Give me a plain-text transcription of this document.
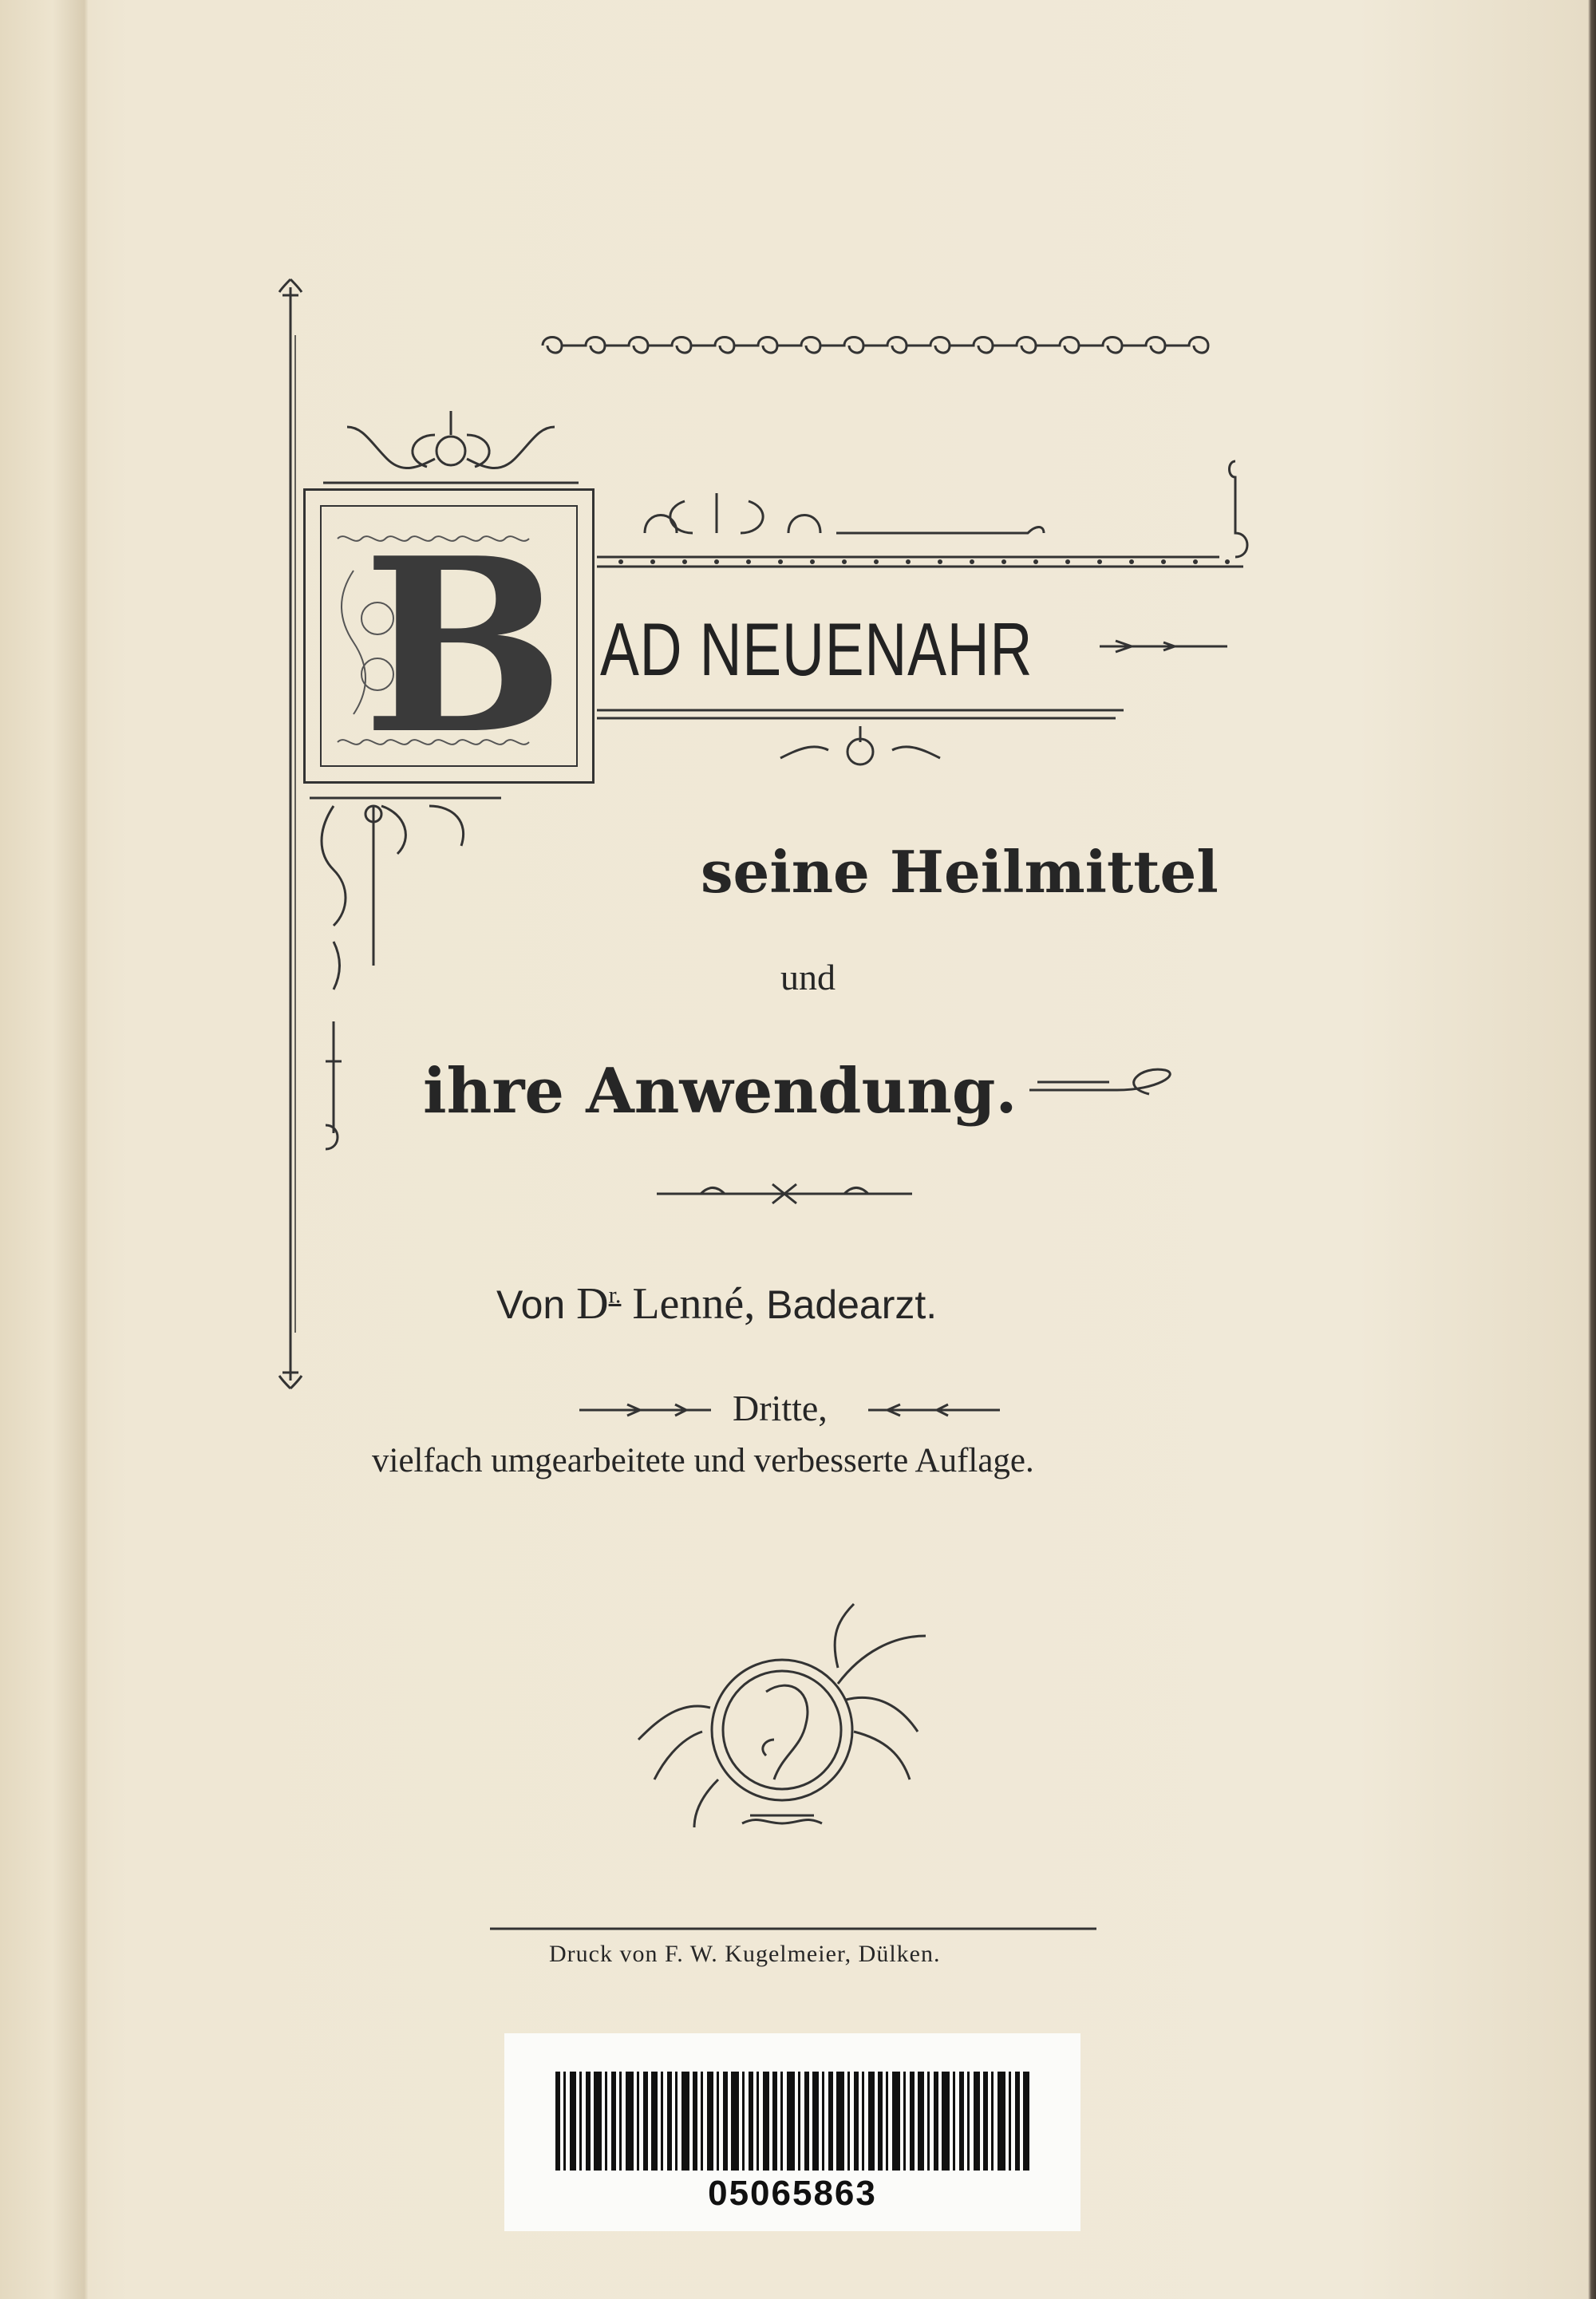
B AD NEUENAHR
seine Heilmittel
und
ihre Anwendung.
Von $D^{r.}$ Lenné, Badearzt.
Dritte,
vielfach umgearbeitete und verbesserte Auflage.
Druck von F. W. Kugelmeier, Dülken.
05065863
